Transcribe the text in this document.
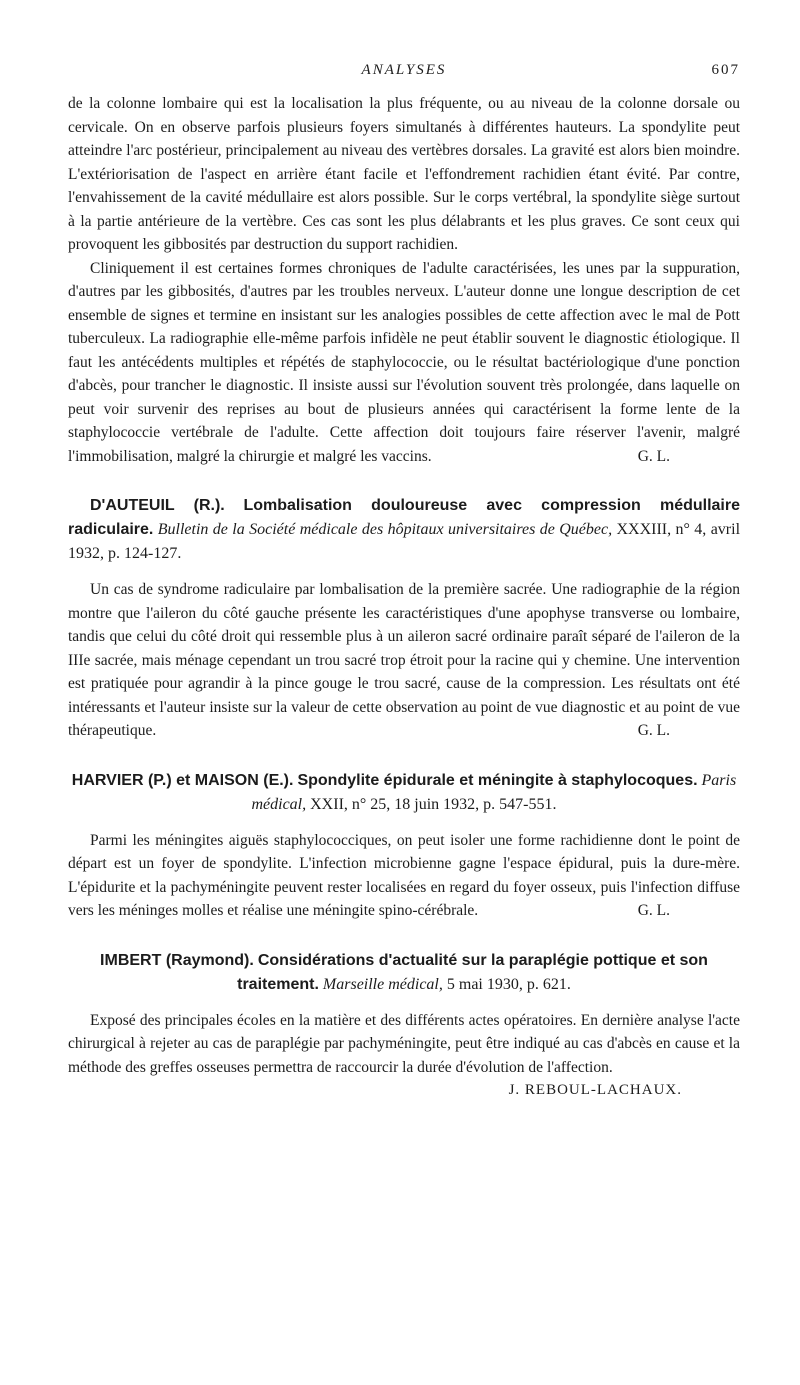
ANALYSES	607

de la colonne lombaire qui est la localisation la plus fréquente, ou au niveau de la colonne dorsale ou cervicale. On en observe parfois plusieurs foyers simultanés à différentes hauteurs. La spondylite peut atteindre l'arc postérieur, principalement au niveau des vertèbres dorsales. La gravité est alors bien moindre. L'extériorisation de l'aspect en arrière étant facile et l'effondrement rachidien étant évité. Par contre, l'envahissement de la cavité médullaire est alors possible. Sur le corps vertébral, la spondylite siège surtout à la partie antérieure de la vertèbre. Ces cas sont les plus délabrants et les plus graves. Ce sont ceux qui provoquent les gibbosités par destruction du support rachidien.

Cliniquement il est certaines formes chroniques de l'adulte caractérisées, les unes par la suppuration, d'autres par les gibbosités, d'autres par les troubles nerveux. L'auteur donne une longue description de cet ensemble de signes et termine en insistant sur les analogies possibles de cette affection avec le mal de Pott tuberculeux. La radiographie elle-même parfois infidèle ne peut établir souvent le diagnostic étiologique. Il faut les antécédents multiples et répétés de staphylococcie, ou le résultat bactériologique d'une ponction d'abcès, pour trancher le diagnostic. Il insiste aussi sur l'évolution souvent très prolongée, dans laquelle on peut voir survenir des reprises au bout de plusieurs années qui caractérisent la forme lente de la staphylococcie vertébrale de l'adulte. Cette affection doit toujours faire réserver l'avenir, malgré l'immobilisation, malgré la chirurgie et malgré les vaccins.	G. L.

D'AUTEUIL (R.). Lombalisation douloureuse avec compression médullaire radiculaire. Bulletin de la Société médicale des hôpitaux universitaires de Québec, XXXIII, n° 4, avril 1932, p. 124-127.

Un cas de syndrome radiculaire par lombalisation de la première sacrée. Une radiographie de la région montre que l'aileron du côté gauche présente les caractéristiques d'une apophyse transverse ou lombaire, tandis que celui du côté droit qui ressemble plus à un aileron sacré ordinaire paraît séparé de l'aileron de la IIIe sacrée, mais ménage cependant un trou sacré trop étroit pour la racine qui y chemine. Une intervention est pratiquée pour agrandir à la pince gouge le trou sacré, cause de la compression. Les résultats ont été intéressants et l'auteur insiste sur la valeur de cette observation au point de vue diagnostic et au point de vue thérapeutique.	G. L.

HARVIER (P.) et MAISON (E.). Spondylite épidurale et méningite à staphylocoques. Paris médical, XXII, n° 25, 18 juin 1932, p. 547-551.

Parmi les méningites aiguës staphylococciques, on peut isoler une forme rachidienne dont le point de départ est un foyer de spondylite. L'infection microbienne gagne l'espace épidural, puis la dure-mère. L'épidurite et la pachyméningite peuvent rester localisées en regard du foyer osseux, puis l'infection diffuse vers les méninges molles et réalise une méningite spino-cérébrale.	G. L.

IMBERT (Raymond). Considérations d'actualité sur la paraplégie pottique et son traitement. Marseille médical, 5 mai 1930, p. 621.

Exposé des principales écoles en la matière et des différents actes opératoires. En dernière analyse l'acte chirurgical à rejeter au cas de paraplégie par pachyméningite, peut être indiqué au cas d'abcès en cause et la méthode des greffes osseuses permettra de raccourcir la durée d'évolution de l'affection.

J. REBOUL-LACHAUX.
